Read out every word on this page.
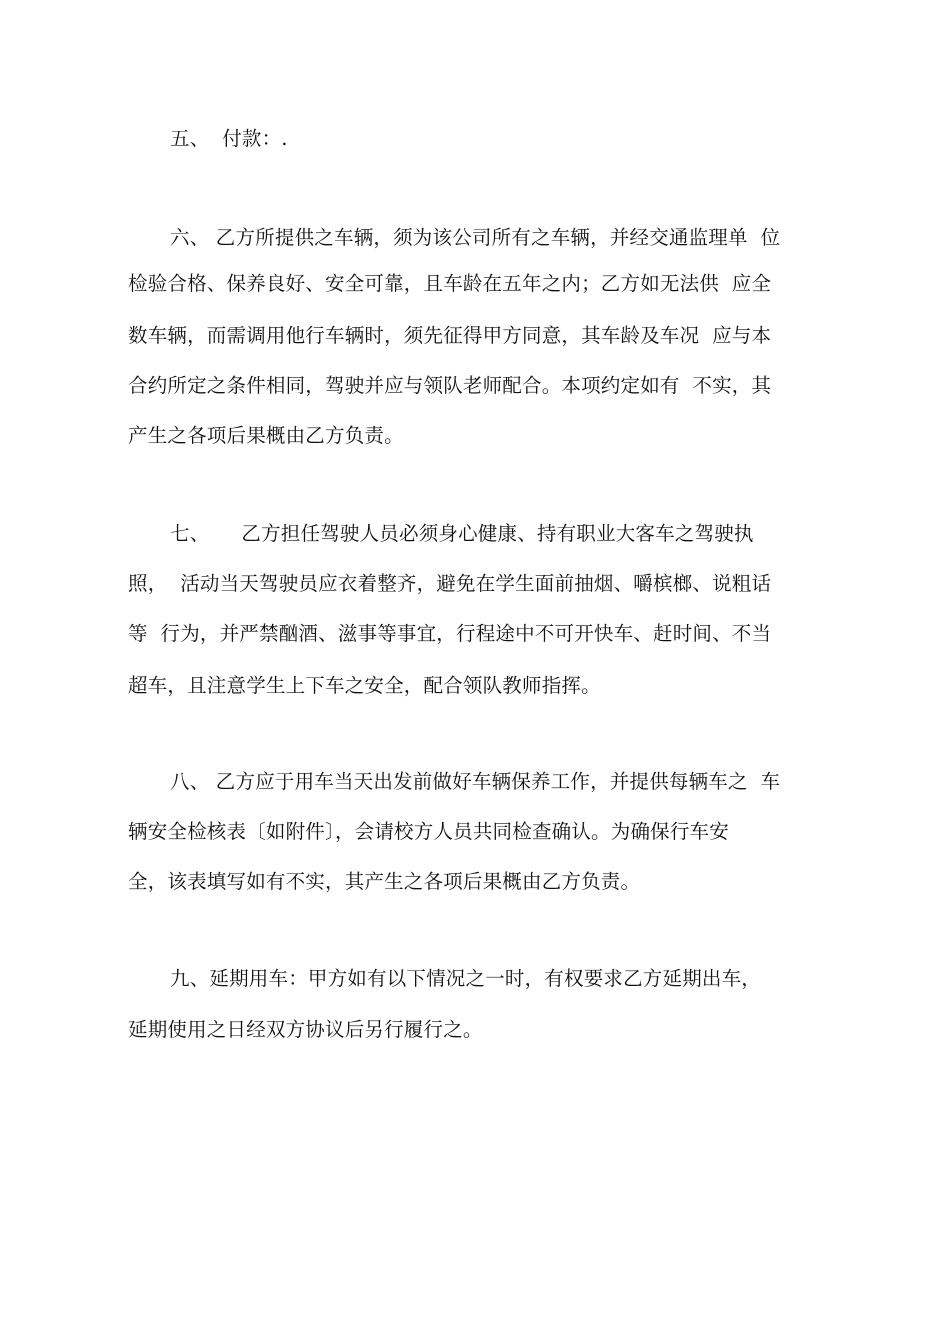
五、  付款：.
六、 乙方所提供之车辆，须为该公司所有之车辆，并经交通监理单  位
检验合格、保养良好、安全可靠，且车龄在五年之内；乙方如无法供  应全
数车辆，而需调用他行车辆时，须先征得甲方同意，其车龄及车况  应与本
合约所定之条件相同，驾驶并应与领队老师配合。本项约定如有  不实，其
产生之各项后果概由乙方负责。
七、     乙方担任驾驶人员必须身心健康、持有职业大客车之驾驶执
照，  活动当天驾驶员应衣着整齐，避免在学生面前抽烟、嚼槟榔、说粗话
等  行为，并严禁酗酒、滋事等事宜，行程途中不可开快车、赶时间、不当
超车，且注意学生上下车之安全，配合领队教师指挥。
八、 乙方应于用车当天出发前做好车辆保养工作，并提供每辆车之  车
辆安全检核表〔如附件〕，会请校方人员共同检查确认。为确保行车安
全，该表填写如有不实，其产生之各项后果概由乙方负责。
九、延期用车：甲方如有以下情况之一时，有权要求乙方延期出车，
延期使用之日经双方协议后另行履行之。
